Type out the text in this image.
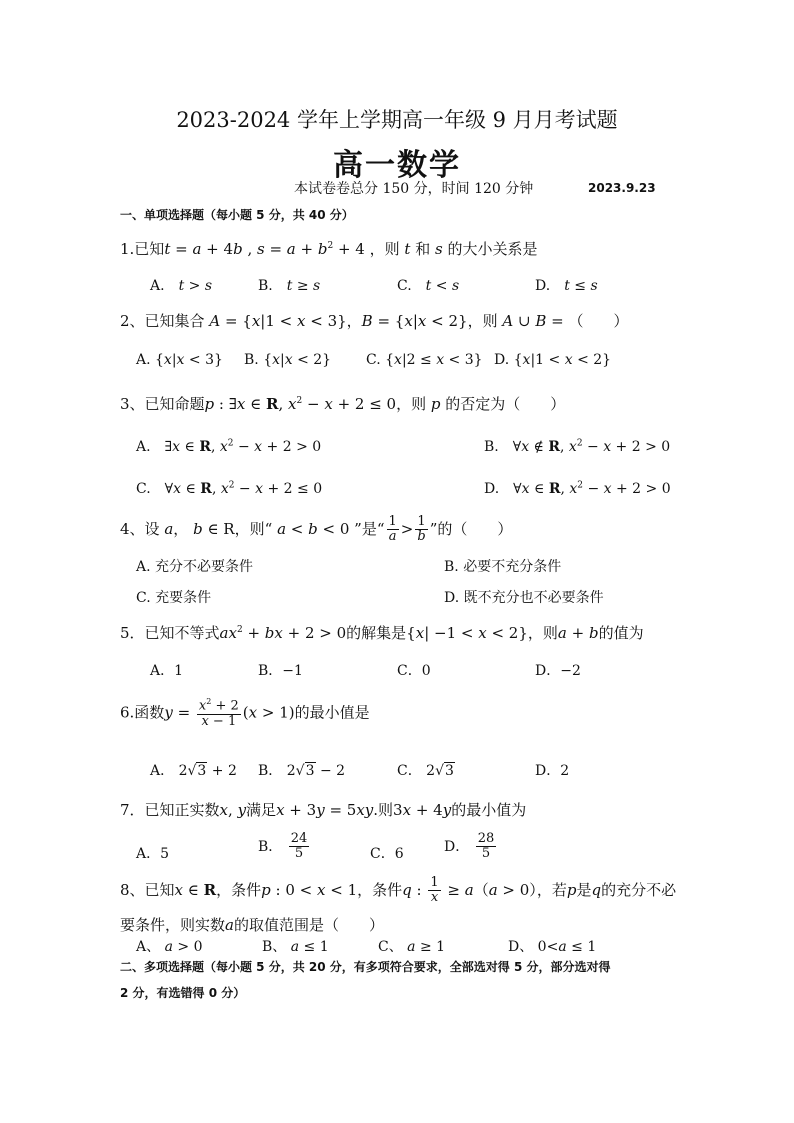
2023-2024 学年上学期高一年级 9 月月考试题
高一数学
本试卷卷总分 150 分，时间 120 分钟	2023.9.23
一、单项选择题（每小题 5 分，共 40 分）
1.已知t = a + 4b , $s = a + b^2 + 4$ ，则 t 和 s 的大小关系是
A.　 t > s	B.　 t ≥ s	C.　 t < s	D.　 t ≤ s
2、已知集合 A = {x|1 < x < 3}，B = {x|x < 2}，则 A ∪ B = （　　）
A. {x|x < 3} B. {x|x < 2} C. {x|2 ≤ x < 3} D. {x|1 < x < 2}
3、已知命题p : ∃x ∈ R, $x^2 - x + 2 \le 0$，则 p 的否定为（　　）
A.　∃x ∈ R, $x^2 - x + 2 > 0$	B.　∀x ∉ R, $x^2 - x + 2 > 0$
C.　∀x ∈ R, $x^2 - x + 2 \le 0$	D.　∀x ∈ R, $x^2 - x + 2 > 0$
4、设 a， b ∈ R，则“ a < b < 0 ”是“ $\frac{1}{a} > \frac{1}{b}$ ”的（　　）
A. 充分不必要条件	B. 必要不充分条件
C. 充要条件	D. 既不充分也不必要条件
5．已知不等式$ax^2$ + bx + 2 > 0的解集是{x| −1 < x < 2}，则a + b的值为
A．1	B．−1	C．0	D．−2
6.函数$y = \frac{x^2 + 2}{x - 1} (x > 1)$的最小值是
A． 2√3 + 2 B． 2√3 − 2	C． 2√3	D．2
7．已知正实数x, y满足x + 3y = 5xy.则3x + 4y的最小值为
A．5	B． $\frac{24}{5}$	C．6	D． $\frac{28}{5}$
8、已知x ∈ R，条件p : 0 < x < 1，条件q : $\frac{1}{x} \ge a(a > 0)$，若p是q的充分不必
要条件，则实数a的取值范围是（　　）
A、 a > 0	B、 a ≤ 1	C、 a ≥ 1	D、 0<a ≤ 1
二、多项选择题（每小题 5 分，共 20 分，有多项符合要求，全部选对得 5 分，部分选对得
2 分，有选错得 0 分）
